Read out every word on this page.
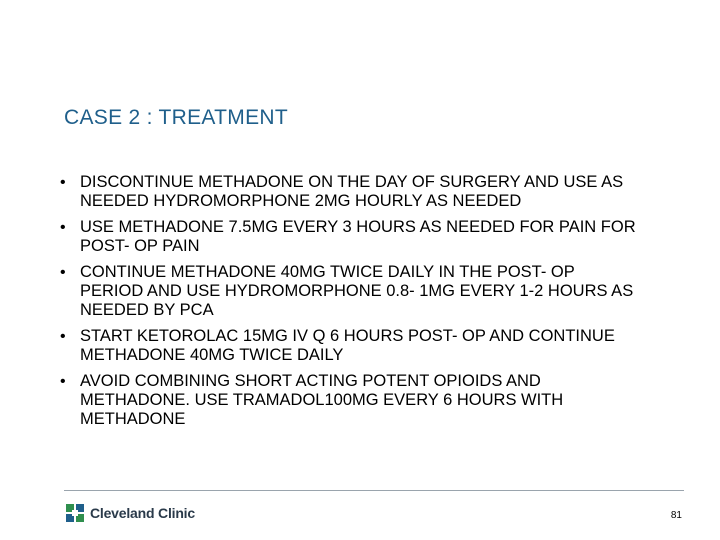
CASE 2 : TREATMENT
• DISCONTINUE METHADONE ON THE DAY OF SURGERY AND USE AS NEEDED HYDROMORPHONE 2MG HOURLY AS NEEDED
• USE METHADONE 7.5MG EVERY 3 HOURS AS NEEDED FOR PAIN FOR POST- OP PAIN
• CONTINUE METHADONE 40MG TWICE DAILY IN THE POST- OP PERIOD AND USE HYDROMORPHONE 0.8- 1MG EVERY 1-2 HOURS AS NEEDED BY PCA
• START KETOROLAC 15MG IV Q 6 HOURS POST- OP AND CONTINUE METHADONE 40MG TWICE DAILY
• AVOID COMBINING SHORT ACTING POTENT OPIOIDS AND METHADONE. USE TRAMADOL100MG EVERY 6 HOURS WITH METHADONE
Cleveland Clinic	81
